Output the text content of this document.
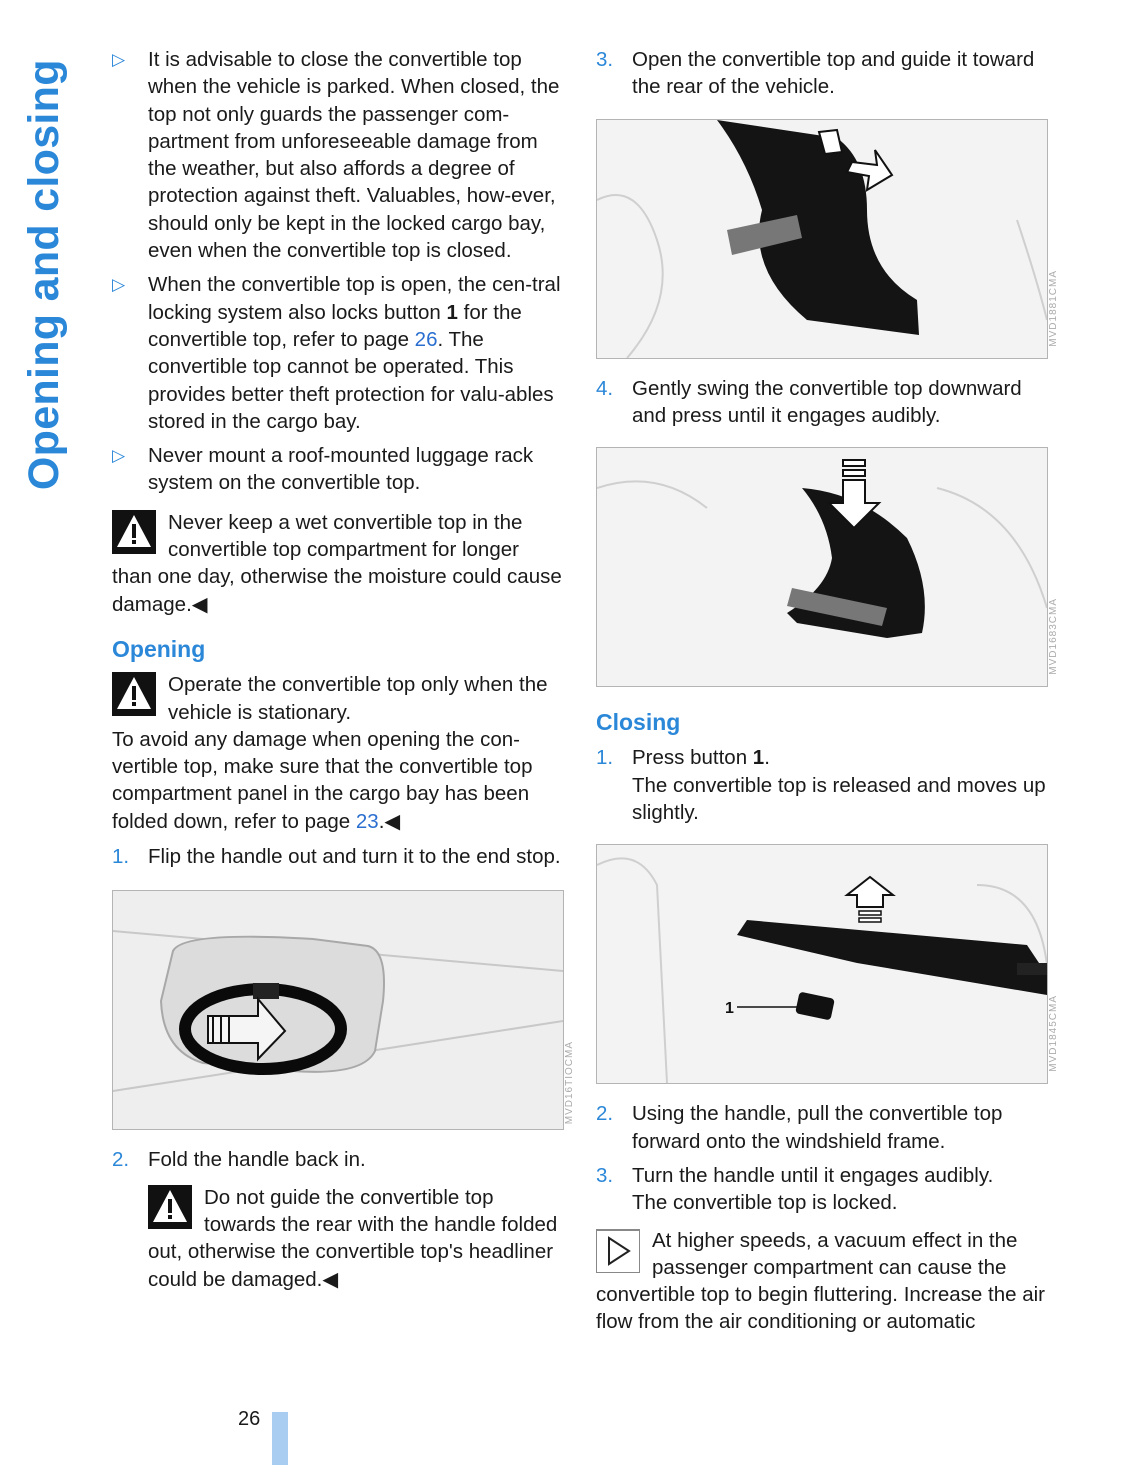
Opening and closing
▷ It is advisable to close the convertible top when the vehicle is parked. When closed, the top not only guards the passenger com-partment from unforeseeable damage from the weather, but also affords a degree of protection against theft. Valuables, how-ever, should only be kept in the locked cargo bay, even when the convertible top is closed.

▷ When the convertible top is open, the cen-tral locking system also locks button 1 for the convertible top, refer to page 26. The convertible top cannot be operated. This provides better theft protection for valu-ables stored in the cargo bay.

▷ Never mount a roof-mounted luggage rack system on the convertible top.

Never keep a wet convertible top in the convertible top compartment for longer than one day, otherwise the moisture could cause damage.◀

Opening

Operate the convertible top only when the vehicle is stationary.

To avoid any damage when opening the con-vertible top, make sure that the convertible top compartment panel in the cargo bay has been folded down, refer to page 23.◀

1. Flip the handle out and turn it to the end stop.

MVD16TIOCMA
2. Fold the handle back in.

Do not guide the convertible top towards the rear with the handle folded out, otherwise the convertible top's headliner could be damaged.◀

3. Open the convertible top and guide it toward the rear of the vehicle.

MVD1881CMA
4. Gently swing the convertible top downward and press until it engages audibly.

MVD1683CMA
Closing
1. Press button 1.

The convertible top is released and moves up slightly.

1	MVD1845CMA
2. Using the handle, pull the convertible top forward onto the windshield frame.

3. Turn the handle until it engages audibly.

The convertible top is locked.

At higher speeds, a vacuum effect in the passenger compartment can cause the convertible top to begin fluttering. Increase the air flow from the air conditioning or automatic

26
